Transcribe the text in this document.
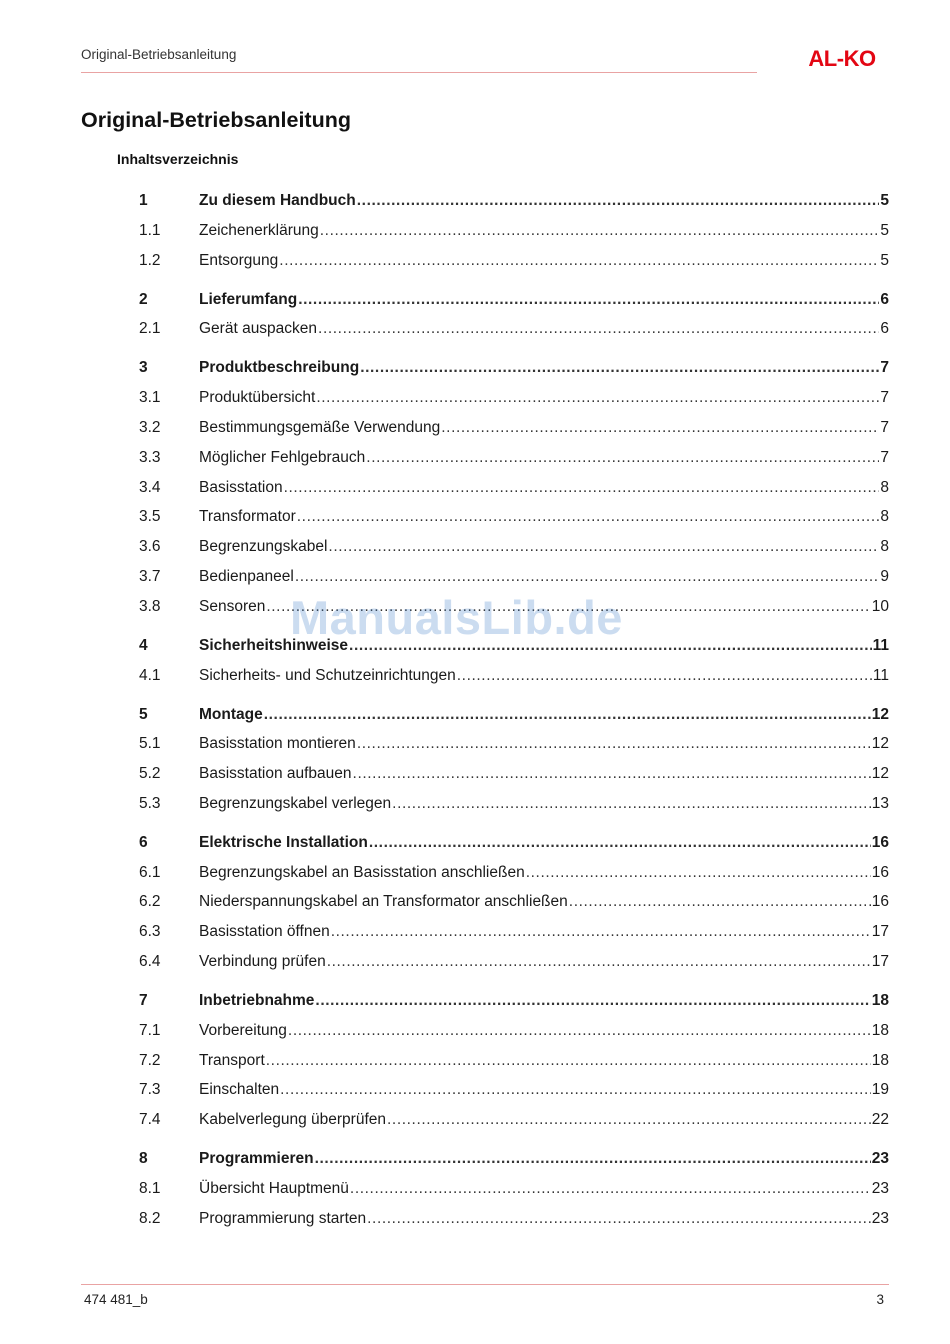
Original-Betriebsanleitung	AL-KO
Original-Betriebsanleitung
Inhaltsverzeichnis
1	Zu diesem Handbuch .....	5
1.1	Zeichenerklärung .....	5
1.2	Entsorgung .....	5
2	Lieferumfang .....	6
2.1	Gerät auspacken .....	6
3	Produktbeschreibung .....	7
3.1	Produktübersicht .....	7
3.2	Bestimmungsgemäße Verwendung .....	7
3.3	Möglicher Fehlgebrauch .....	7
3.4	Basisstation .....	8
3.5	Transformator .....	8
3.6	Begrenzungskabel .....	8
3.7	Bedienpaneel .....	9
3.8	Sensoren .....	10
4	Sicherheitshinweise .....	11
4.1	Sicherheits- und Schutzeinrichtungen .....	11
5	Montage .....	12
5.1	Basisstation montieren .....	12
5.2	Basisstation aufbauen .....	12
5.3	Begrenzungskabel verlegen .....	13
6	Elektrische Installation .....	16
6.1	Begrenzungskabel an Basisstation anschließen .....	16
6.2	Niederspannungskabel an Transformator anschließen .....	16
6.3	Basisstation öffnen .....	17
6.4	Verbindung prüfen .....	17
7	Inbetriebnahme .....	18
7.1	Vorbereitung .....	18
7.2	Transport .....	18
7.3	Einschalten .....	19
7.4	Kabelverlegung überprüfen .....	22
8	Programmieren .....	23
8.1	Übersicht Hauptmenü .....	23
8.2	Programmierung starten .....	23
ManualsLib.de
474 481_b	3
